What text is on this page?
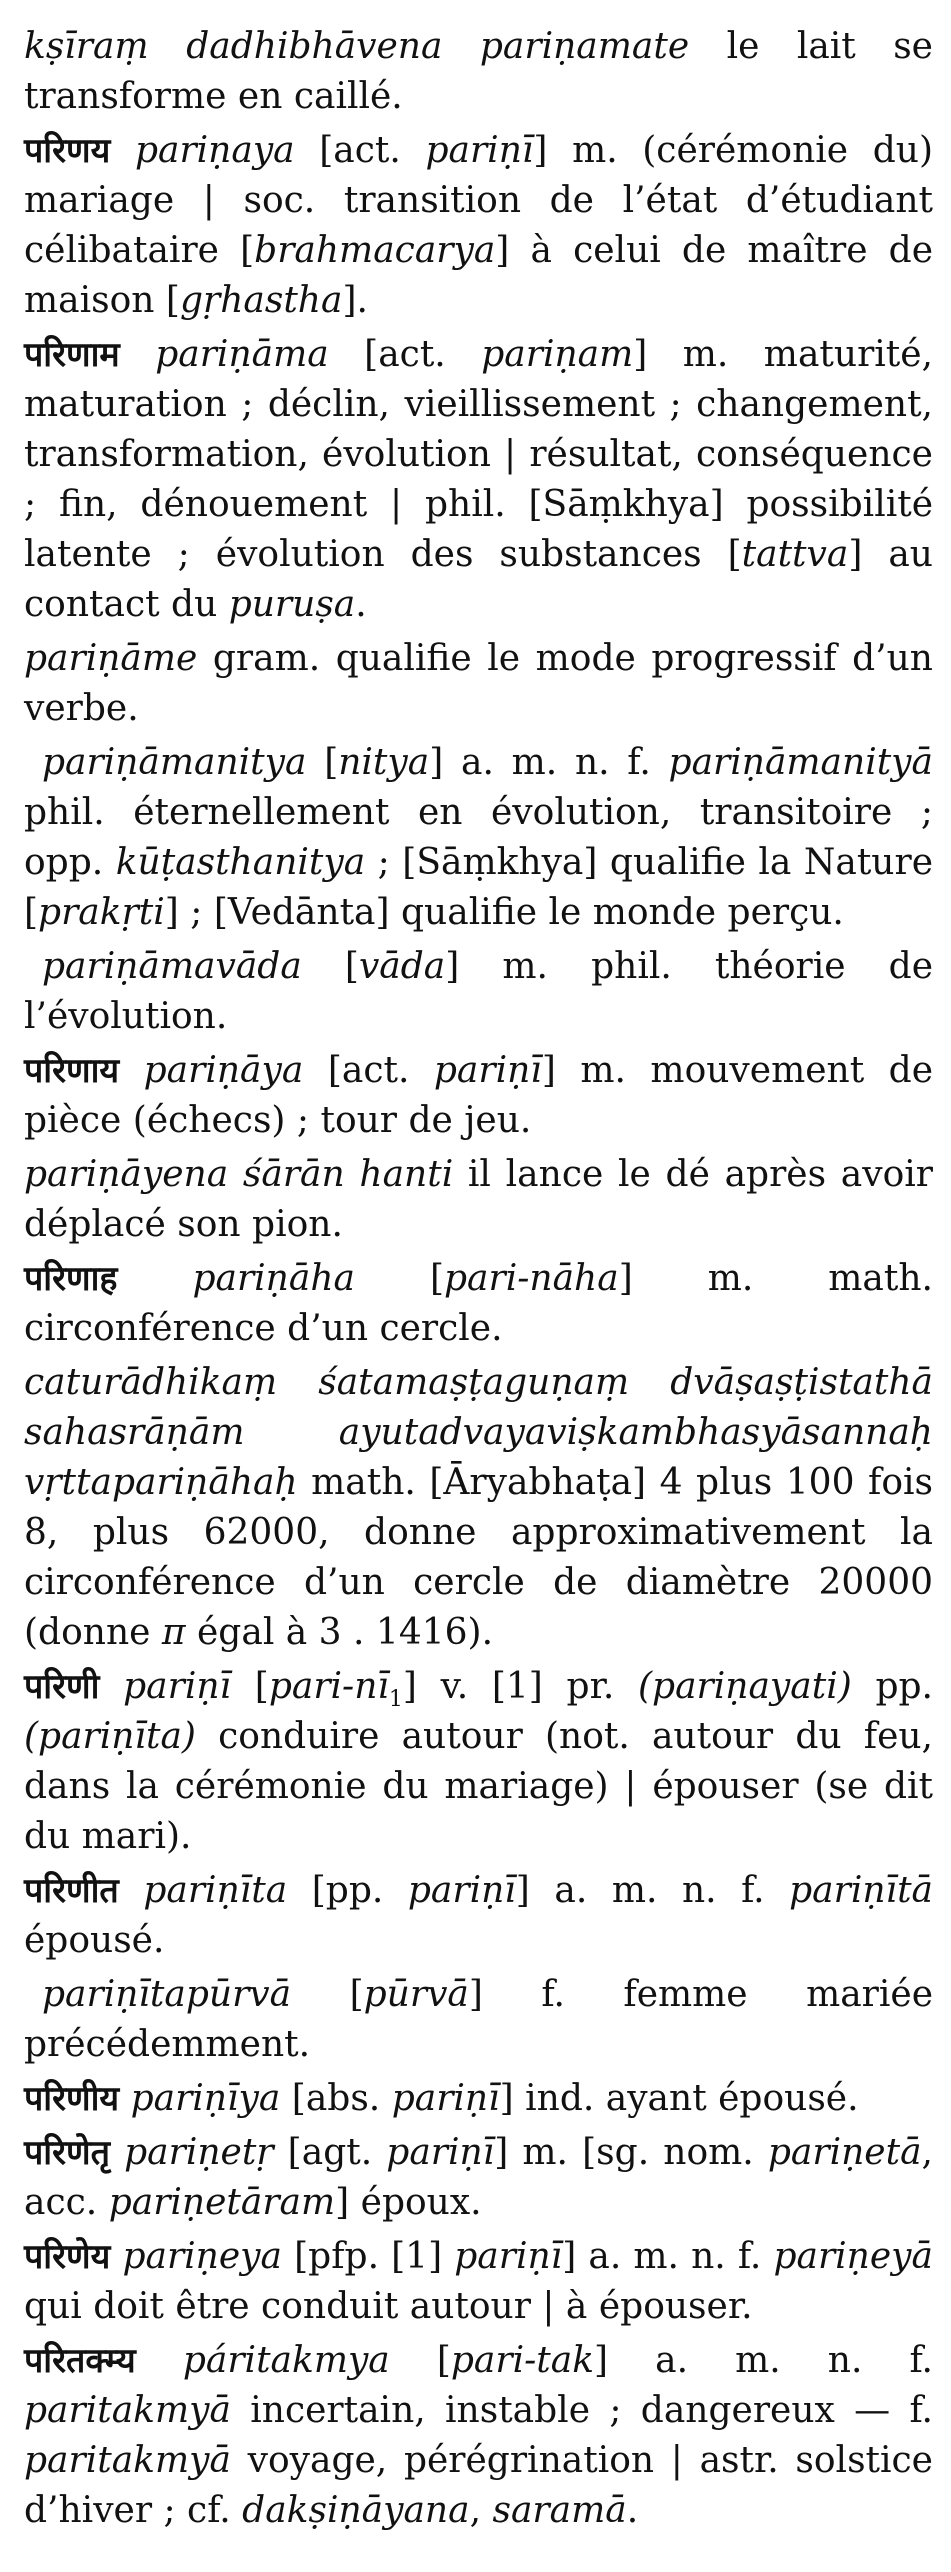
kṣīraṃ dadhibhāvena pariṇamate le lait se transforme en caillé.

परिणय pariṇaya [act. pariṇī] m. (cérémonie du) mariage | soc. transition de l’état d’étudiant célibataire [brahmacarya] à celui de maître de maison [gṛhastha].

परिणाम pariṇāma [act. pariṇam] m. maturité, maturation ; déclin, vieillissement ; changement, transformation, évolution | résultat, conséquence ; fin, dénouement | phil. [Sāṃkhya] possibilité latente ; évolution des substances [tattva] au contact du puruṣa.

pariṇāme gram. qualifie le mode progressif d’un verbe.

pariṇāmanitya [nitya] a. m. n. f. pariṇāmanityā phil. éternellement en évolution, transitoire ; opp. kūṭasthanitya ; [Sāṃkhya] qualifie la Nature [prakṛti] ; [Vedānta] qualifie le monde perçu.

pariṇāmavāda [vāda] m. phil. théorie de l’évolution.

परिणाय pariṇāya [act. pariṇī] m. mouvement de pièce (échecs) ; tour de jeu.

pariṇāyena śārān hanti il lance le dé après avoir déplacé son pion.

परिणाह pariṇāha [pari-nāha] m. math. circonférence d’un cercle.

caturādhikaṃ śatamaṣṭaguṇaṃ dvāṣaṣṭistathā sahasrāṇām ayutadvayaviṣkambhasyāsannaḥ vṛttapariṇāhaḥ math. [Āryabhaṭa] 4 plus 100 fois 8, plus 62000, donne approximativement la circonférence d’un cercle de diamètre 20000 (donne π égal à 3 . 1416).

परिणी pariṇī $[pari-nī_1]$ v. [1] pr. (pariṇayati) pp. (pariṇīta) conduire autour (not. autour du feu, dans la cérémonie du mariage) | épouser (se dit du mari).

परिणीत pariṇīta [pp. pariṇī] a. m. n. f. pariṇītā épousé.

pariṇītapūrvā [pūrvā] f. femme mariée précédemment.

परिणीय pariṇīya [abs. pariṇī] ind. ayant épousé.

परिणेतृ pariṇetṛ [agt. pariṇī] m. [sg. nom. pariṇetā, acc. pariṇetāram] époux.

परिणेय pariṇeya [pfp. [1] pariṇī] a. m. n. f. pariṇeyā qui doit être conduit autour | à épouser.

परितक्म्य páritakmya [pari-tak] a. m. n. f. paritakmyā incertain, instable ; dangereux — f. paritakmyā voyage, pérégrination | astr. solstice d’hiver ; cf. dakṣiṇāyana, saramā.
